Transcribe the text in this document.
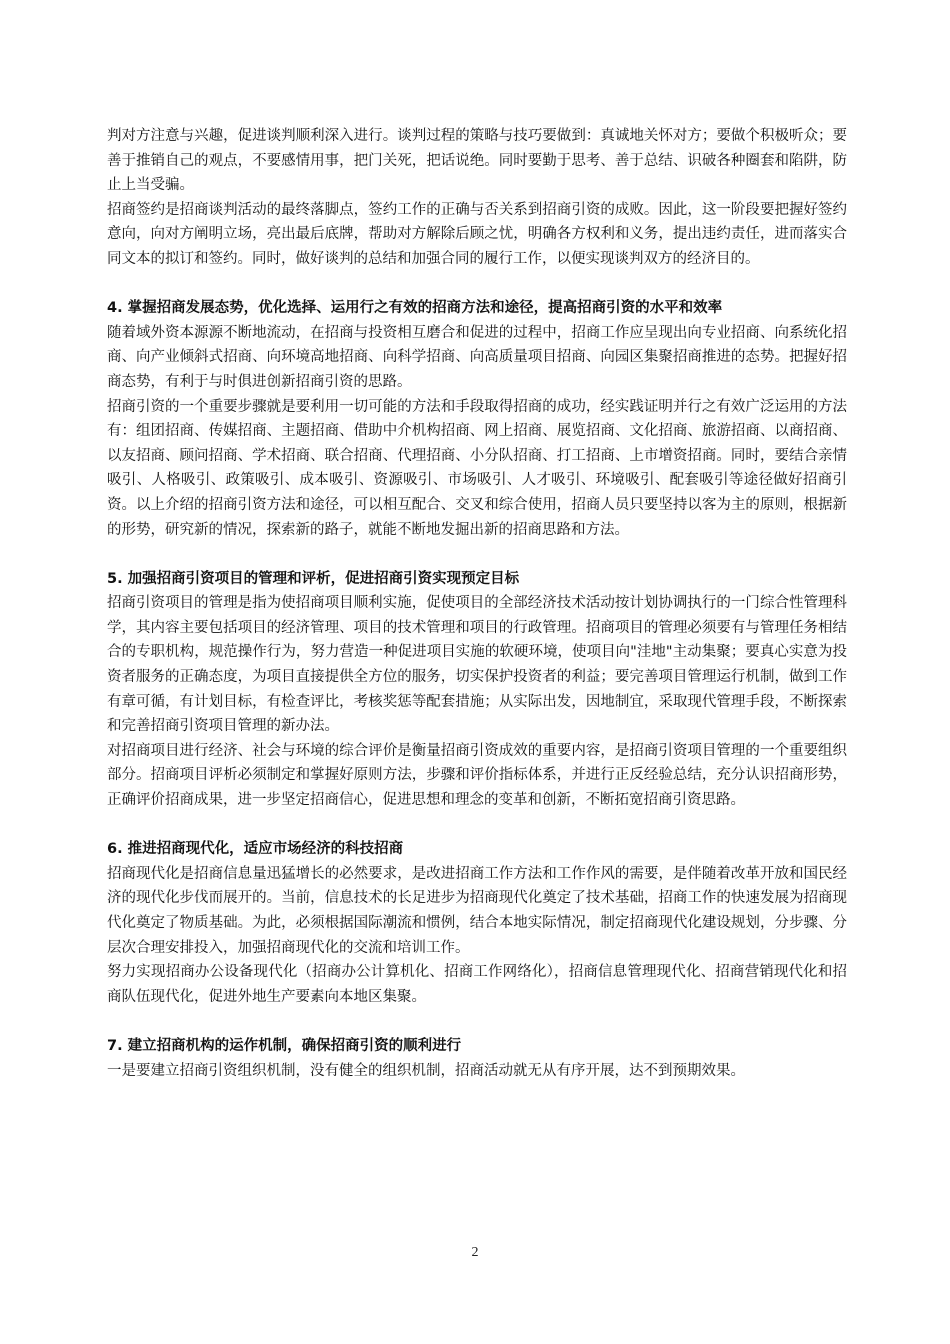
判对方注意与兴趣，促进谈判顺利深入进行。谈判过程的策略与技巧要做到：真诚地关怀对方；要做个积极听众；要善于推销自己的观点，不要感情用事，把门关死，把话说绝。同时要勤于思考、善于总结、识破各种圈套和陷阱，防止上当受骗。

招商签约是招商谈判活动的最终落脚点，签约工作的正确与否关系到招商引资的成败。因此，这一阶段要把握好签约意向，向对方阐明立场，亮出最后底牌，帮助对方解除后顾之忧，明确各方权利和义务，提出违约责任，进而落实合同文本的拟订和签约。同时，做好谈判的总结和加强合同的履行工作，以便实现谈判双方的经济目的。

4. 掌握招商发展态势，优化选择、运用行之有效的招商方法和途径，提高招商引资的水平和效率

随着域外资本源源不断地流动，在招商与投资相互磨合和促进的过程中，招商工作应呈现出向专业招商、向系统化招商、向产业倾斜式招商、向环境高地招商、向科学招商、向高质量项目招商、向园区集聚招商推进的态势。把握好招商态势，有利于与时俱进创新招商引资的思路。

招商引资的一个重要步骤就是要利用一切可能的方法和手段取得招商的成功，经实践证明并行之有效广泛运用的方法有：组团招商、传媒招商、主题招商、借助中介机构招商、网上招商、展览招商、文化招商、旅游招商、以商招商、以友招商、顾问招商、学术招商、联合招商、代理招商、小分队招商、打工招商、上市增资招商。同时，要结合亲情吸引、人格吸引、政策吸引、成本吸引、资源吸引、市场吸引、人才吸引、环境吸引、配套吸引等途径做好招商引资。以上介绍的招商引资方法和途径，可以相互配合、交叉和综合使用，招商人员只要坚持以客为主的原则，根据新的形势，研究新的情况，探索新的路子，就能不断地发掘出新的招商思路和方法。

5. 加强招商引资项目的管理和评析，促进招商引资实现预定目标

招商引资项目的管理是指为使招商项目顺利实施，促使项目的全部经济技术活动按计划协调执行的一门综合性管理科学，其内容主要包括项目的经济管理、项目的技术管理和项目的行政管理。招商项目的管理必须要有与管理任务相结合的专职机构，规范操作行为，努力营造一种促进项目实施的软硬环境，使项目向"洼地"主动集聚；要真心实意为投资者服务的正确态度，为项目直接提供全方位的服务，切实保护投资者的利益；要完善项目管理运行机制，做到工作有章可循，有计划目标，有检查评比，考核奖惩等配套措施；从实际出发，因地制宜，采取现代管理手段，不断探索和完善招商引资项目管理的新办法。

对招商项目进行经济、社会与环境的综合评价是衡量招商引资成效的重要内容，是招商引资项目管理的一个重要组织部分。招商项目评析必须制定和掌握好原则方法，步骤和评价指标体系，并进行正反经验总结，充分认识招商形势，正确评价招商成果，进一步坚定招商信心，促进思想和理念的变革和创新，不断拓宽招商引资思路。

6. 推进招商现代化，适应市场经济的科技招商

招商现代化是招商信息量迅猛增长的必然要求，是改进招商工作方法和工作作风的需要，是伴随着改革开放和国民经济的现代化步伐而展开的。当前，信息技术的长足进步为招商现代化奠定了技术基础，招商工作的快速发展为招商现代化奠定了物质基础。为此，必须根据国际潮流和惯例，结合本地实际情况，制定招商现代化建设规划，分步骤、分层次合理安排投入，加强招商现代化的交流和培训工作。

努力实现招商办公设备现代化（招商办公计算机化、招商工作网络化），招商信息管理现代化、招商营销现代化和招商队伍现代化，促进外地生产要素向本地区集聚。

7. 建立招商机构的运作机制，确保招商引资的顺利进行

一是要建立招商引资组织机制，没有健全的组织机制，招商活动就无从有序开展，达不到预期效果。

2
